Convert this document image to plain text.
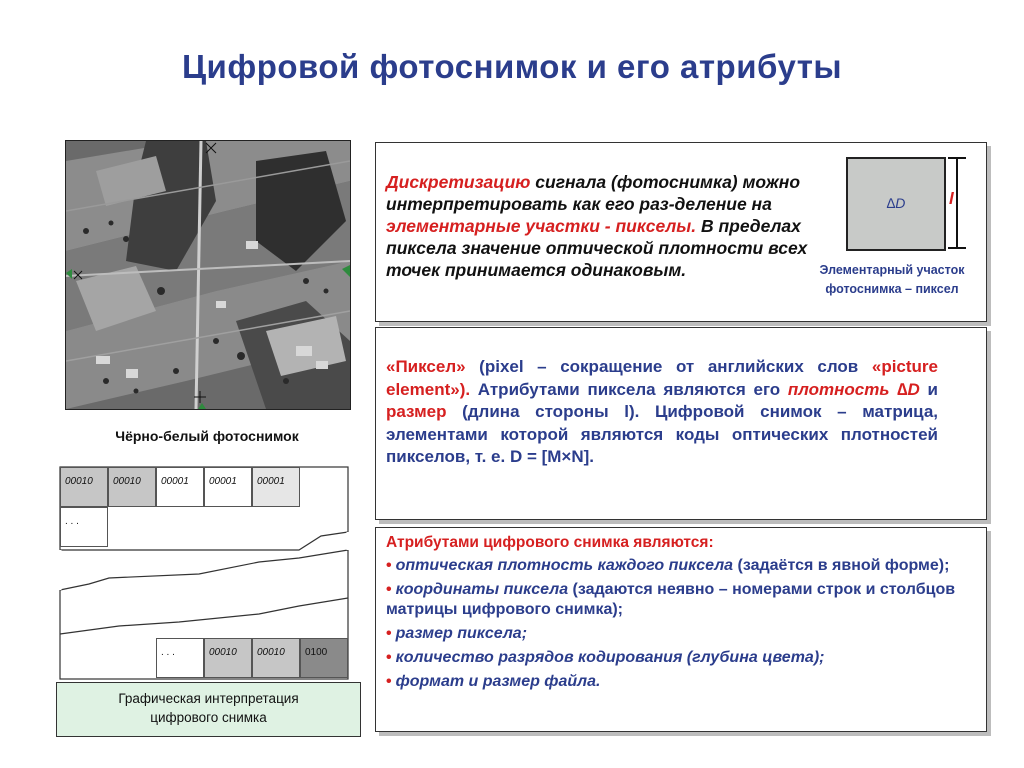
Цифровой фотоснимок и его атрибуты
Чёрно-белый фотоснимок
00010	00010	00001	00001	00001
. . .
. . .	00010	00010	0100
Графическая интерпретация
цифрового снимка
Дискретизацию сигнала (фотоснимка) можно интерпретировать как его раз-деление на элементарные участки - пикселы. В пределах пиксела значение оптической плотности всех точек принимается одинаковым.
∆D	l
Элементарный участок
фотоснимка – пиксел
«Пиксел» (pixel – сокращение от английских слов «picture element»). Атрибутами пиксела являются его плотность ∆D и размер (длина стороны l). Цифровой снимок – матрица, элементами которой являются коды оптических плотностей пикселов, т. е. D = [M×N].
Атрибутами цифрового снимка являются:
• оптическая плотность каждого пиксела (задаётся в явной форме);
• координаты пиксела (задаются неявно – номерами строк и столбцов матрицы цифрового снимка);
• размер пиксела;
• количество разрядов кодирования (глубина цвета);
• формат и размер файла.
